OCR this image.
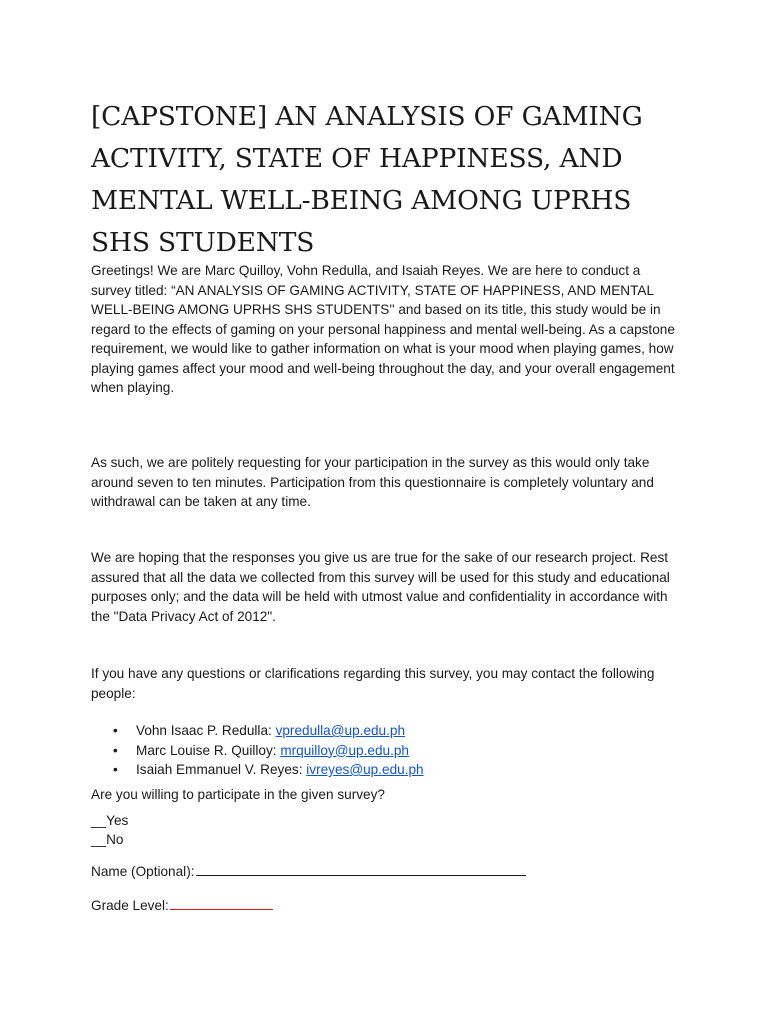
[CAPSTONE] AN ANALYSIS OF GAMING ACTIVITY, STATE OF HAPPINESS, AND MENTAL WELL-BEING AMONG UPRHS SHS STUDENTS

Greetings! We are Marc Quilloy, Vohn Redulla, and Isaiah Reyes. We are here to conduct a survey titled: “AN ANALYSIS OF GAMING ACTIVITY, STATE OF HAPPINESS, AND MENTAL WELL-BEING AMONG UPRHS SHS STUDENTS'' and based on its title, this study would be in regard to the effects of gaming on your personal happiness and mental well-being. As a capstone requirement, we would like to gather information on what is your mood when playing games, how playing games affect your mood and well-being throughout the day, and your overall engagement when playing.

As such, we are politely requesting for your participation in the survey as this would only take around seven to ten minutes. Participation from this questionnaire is completely voluntary and withdrawal can be taken at any time.

We are hoping that the responses you give us are true for the sake of our research project. Rest assured that all the data we collected from this survey will be used for this study and educational purposes only; and the data will be held with utmost value and confidentiality in accordance with the "Data Privacy Act of 2012".

If you have any questions or clarifications regarding this survey, you may contact the following people:

• Vohn Isaac P. Redulla: vpredulla@up.edu.ph
• Marc Louise R. Quilloy: mrquilloy@up.edu.ph
• Isaiah Emmanuel V. Reyes: ivreyes@up.edu.ph

Are you willing to participate in the given survey?

__Yes
__No
Name (Optional):
Grade Level:
